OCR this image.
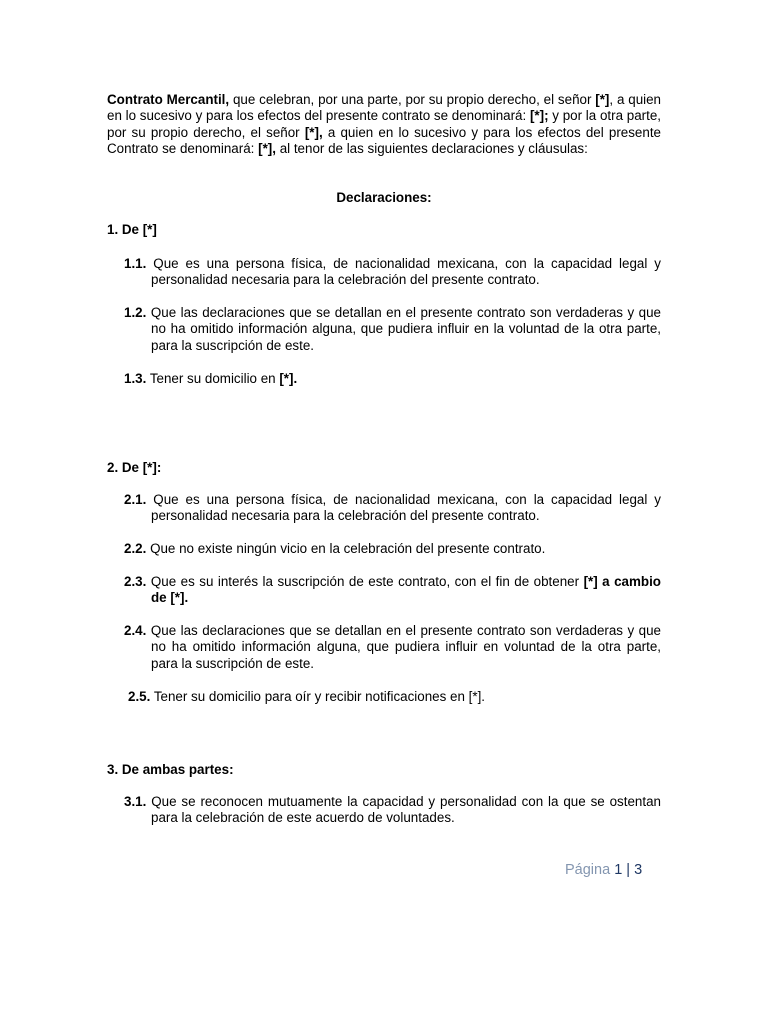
Contrato Mercantil, que celebran, por una parte, por su propio derecho, el señor [*], a quien en lo sucesivo y para los efectos del presente contrato se denominará: [*]; y por la otra parte, por su propio derecho, el señor [*], a quien en lo sucesivo y para los efectos del presente Contrato se denominará: [*], al tenor de las siguientes declaraciones y cláusulas:
Declaraciones:
1. De [*]
1.1. Que es una persona física, de nacionalidad mexicana, con la capacidad legal y personalidad necesaria para la celebración del presente contrato.
1.2. Que las declaraciones que se detallan en el presente contrato son verdaderas y que no ha omitido información alguna, que pudiera influir en la voluntad de la otra parte, para la suscripción de este.
1.3. Tener su domicilio en [*].
2. De [*]:
2.1. Que es una persona física, de nacionalidad mexicana, con la capacidad legal y personalidad necesaria para la celebración del presente contrato.
2.2. Que no existe ningún vicio en la celebración del presente contrato.
2.3. Que es su interés la suscripción de este contrato, con el fin de obtener [*] a cambio de [*].
2.4. Que las declaraciones que se detallan en el presente contrato son verdaderas y que no ha omitido información alguna, que pudiera influir en voluntad de la otra parte, para la suscripción de este.
2.5. Tener su domicilio para oír y recibir notificaciones en [*].
3. De ambas partes:
3.1. Que se reconocen mutuamente la capacidad y personalidad con la que se ostentan para la celebración de este acuerdo de voluntades.
Página 1 | 3
